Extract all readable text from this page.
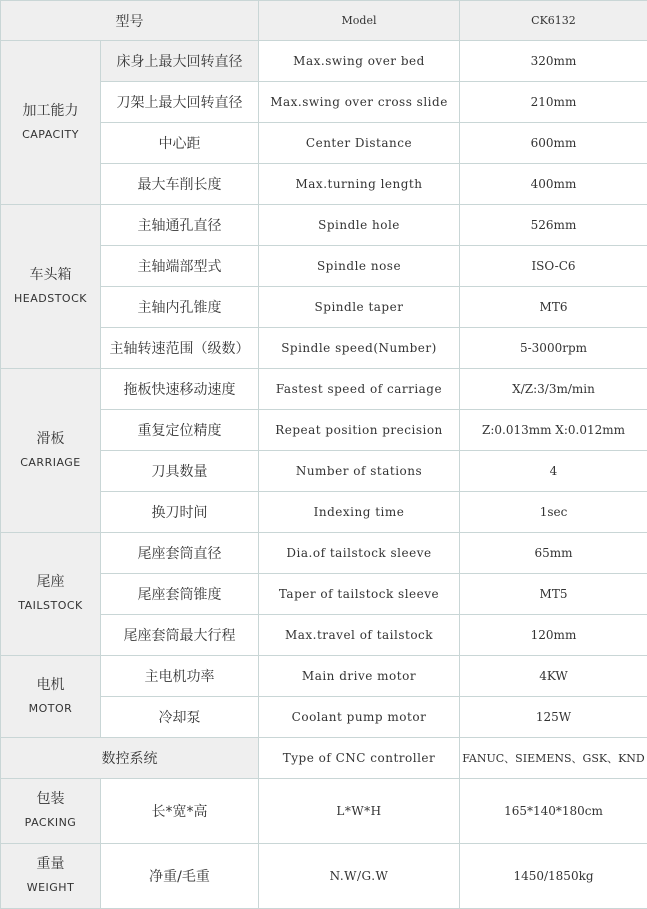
型号		Model	CK6132

加工能力
CAPACITY	床身上最大回转直径	Max.swing over bed	320mm
	刀架上最大回转直径	Max.swing over cross slide	210mm
	中心距	Center Distance	600mm
	最大车削长度	Max.turning length	400mm

车头箱
HEADSTOCK	主轴通孔直径	Spindle hole	526mm
	主轴端部型式	Spindle nose	ISO-C6
	主轴内孔锥度	Spindle taper	MT6
	主轴转速范围（级数）	Spindle speed(Number)	5-3000rpm

滑板
CARRIAGE	拖板快速移动速度	Fastest speed of carriage	X/Z:3/3m/min
	重复定位精度	Repeat position precision	Z:0.013mm X:0.012mm
	刀具数量	Number of stations	4
	换刀时间	Indexing time	1sec

尾座
TAILSTOCK	尾座套筒直径	Dia.of tailstock sleeve	65mm
	尾座套筒锥度	Taper of tailstock sleeve	MT5
	尾座套筒最大行程	Max.travel of tailstock	120mm

电机
MOTOR	主电机功率	Main drive motor	4KW
	冷却泵	Coolant pump motor	125W
数控系统		Type of CNC controller	FANUC、SIEMENS、GSK、KND

包装
PACKING	长*宽*高	L*W*H	165*140*180cm

重量
WEIGHT	净重/毛重	N.W/G.W	1450/1850kg
